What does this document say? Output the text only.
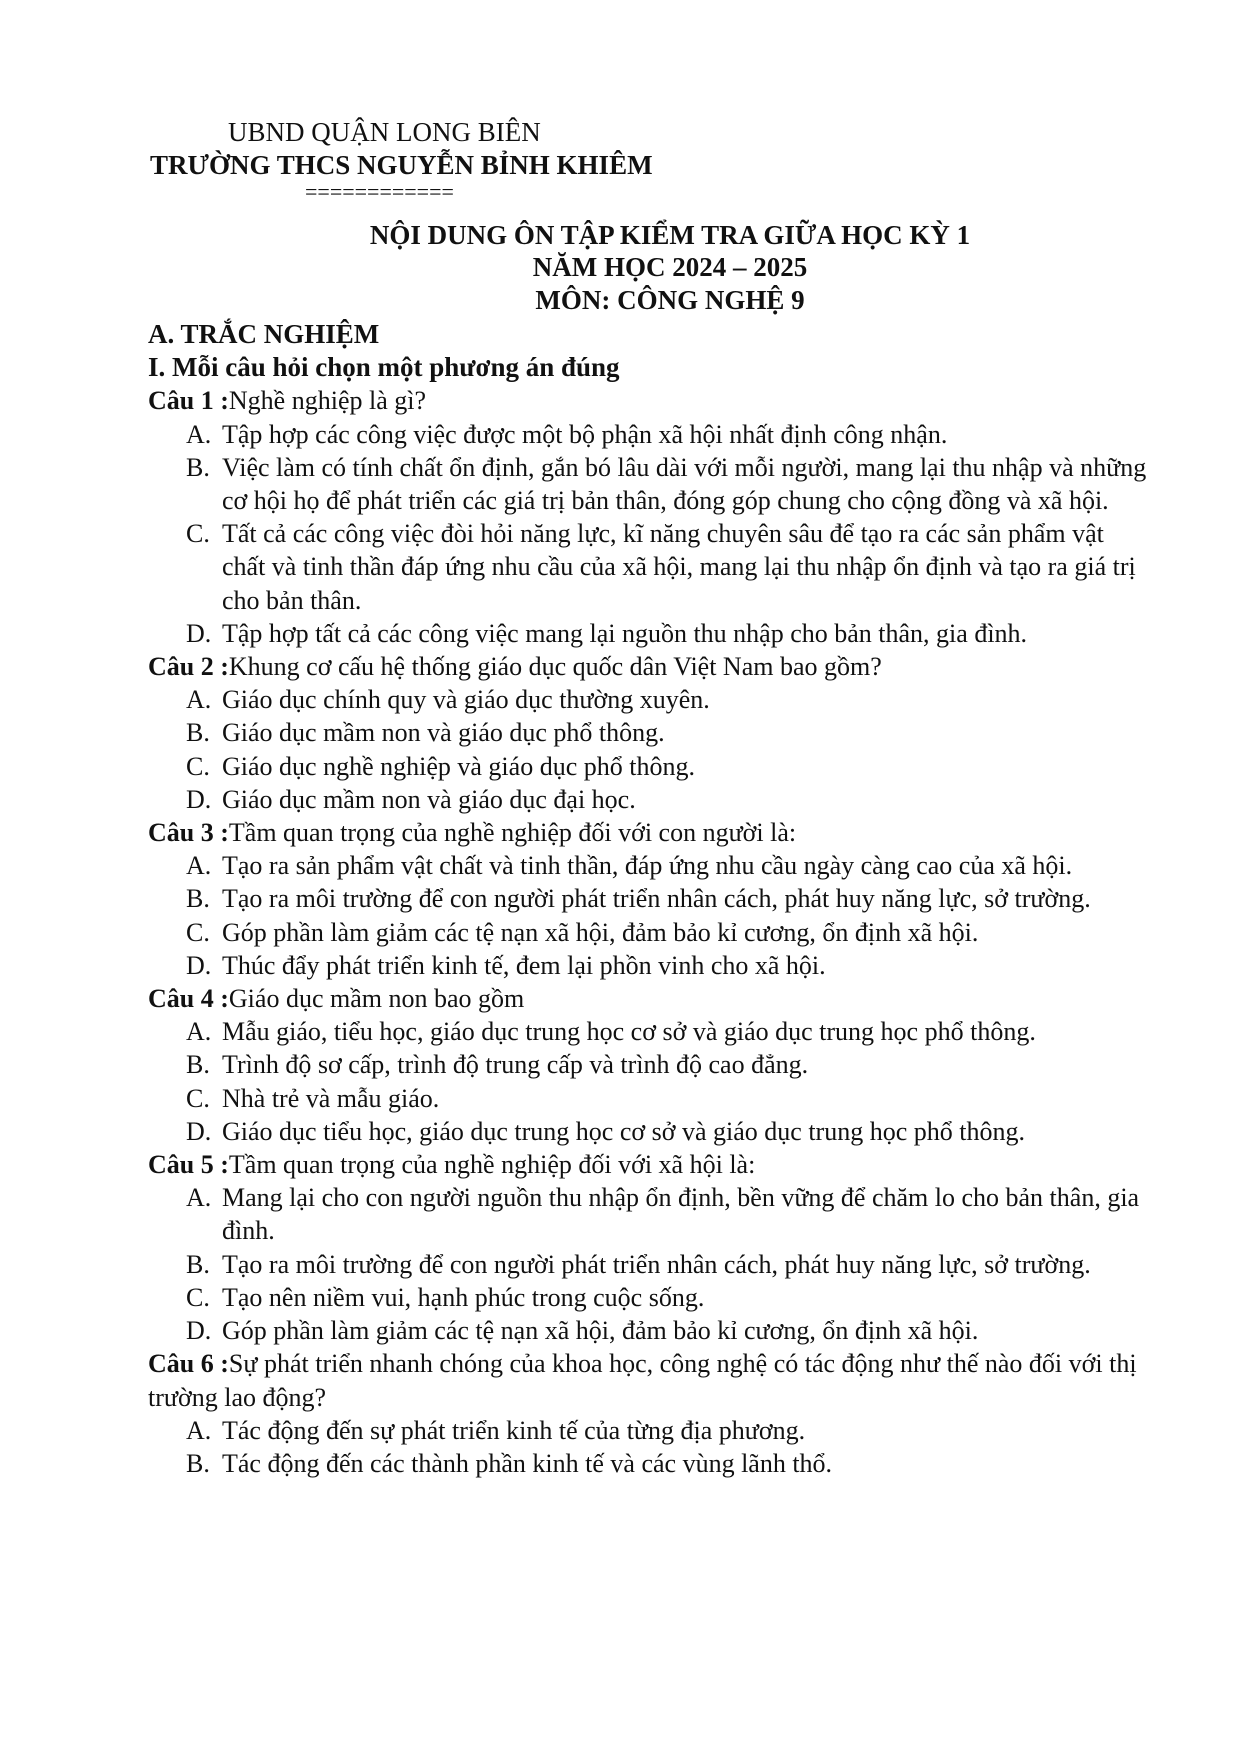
UBND QUẬN LONG BIÊN
TRƯỜNG THCS NGUYỄN BỈNH KHIÊM
============
NỘI DUNG ÔN TẬP KIỂM TRA GIỮA HỌC KỲ 1
NĂM HỌC 2024 – 2025
MÔN: CÔNG NGHỆ 9
A. TRẮC NGHIỆM
I. Mỗi câu hỏi chọn một phương án đúng
Câu 1 :Nghề nghiệp là gì?
A. Tập hợp các công việc được một bộ phận xã hội nhất định công nhận.
B. Việc làm có tính chất ổn định, gắn bó lâu dài với mỗi người, mang lại thu nhập và những cơ hội họ để phát triển các giá trị bản thân, đóng góp chung cho cộng đồng và xã hội.
C. Tất cả các công việc đòi hỏi năng lực, kĩ năng chuyên sâu để tạo ra các sản phẩm vật chất và tinh thần đáp ứng nhu cầu của xã hội, mang lại thu nhập ổn định và tạo ra giá trị cho bản thân.
D. Tập hợp tất cả các công việc mang lại nguồn thu nhập cho bản thân, gia đình.
Câu 2 :Khung cơ cấu hệ thống giáo dục quốc dân Việt Nam bao gồm?
A. Giáo dục chính quy và giáo dục thường xuyên.
B. Giáo dục mầm non và giáo dục phổ thông.
C. Giáo dục nghề nghiệp và giáo dục phổ thông.
D. Giáo dục mầm non và giáo dục đại học.
Câu 3 :Tầm quan trọng của nghề nghiệp đối với con người là:
A. Tạo ra sản phẩm vật chất và tinh thần, đáp ứng nhu cầu ngày càng cao của xã hội.
B. Tạo ra môi trường để con người phát triển nhân cách, phát huy năng lực, sở trường.
C. Góp phần làm giảm các tệ nạn xã hội, đảm bảo kỉ cương, ổn định xã hội.
D. Thúc đẩy phát triển kinh tế, đem lại phồn vinh cho xã hội.
Câu 4 :Giáo dục mầm non bao gồm
A. Mẫu giáo, tiểu học, giáo dục trung học cơ sở và giáo dục trung học phổ thông.
B. Trình độ sơ cấp, trình độ trung cấp và trình độ cao đẳng.
C. Nhà trẻ và mẫu giáo.
D. Giáo dục tiểu học, giáo dục trung học cơ sở và giáo dục trung học phổ thông.
Câu 5 :Tầm quan trọng của nghề nghiệp đối với xã hội là:
A. Mang lại cho con người nguồn thu nhập ổn định, bền vững để chăm lo cho bản thân, gia đình.
B. Tạo ra môi trường để con người phát triển nhân cách, phát huy năng lực, sở trường.
C. Tạo nên niềm vui, hạnh phúc trong cuộc sống.
D. Góp phần làm giảm các tệ nạn xã hội, đảm bảo kỉ cương, ổn định xã hội.
Câu 6 :Sự phát triển nhanh chóng của khoa học, công nghệ có tác động như thế nào đối với thị trường lao động?
A. Tác động đến sự phát triển kinh tế của từng địa phương.
B. Tác động đến các thành phần kinh tế và các vùng lãnh thổ.
